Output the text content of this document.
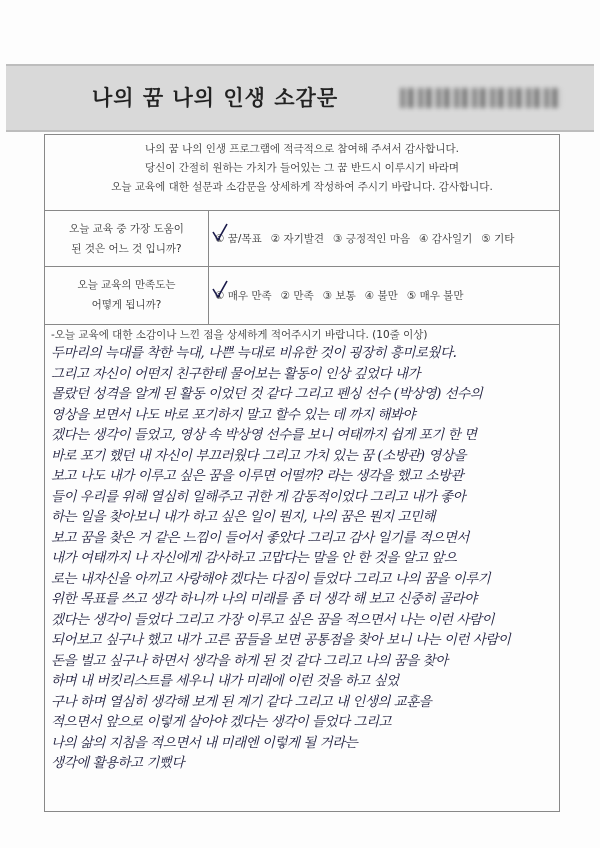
나의 꿈 나의 인생 소감문
나의 꿈 나의 인생 프로그램에 적극적으로 참여해 주셔서 감사합니다.
당신이 간절히 원하는 가치가 들어있는 그 꿈 반드시 이루시기 바라며
오늘 교육에 대한 설문과 소감문을 상세하게 작성하여 주시기 바랍니다. 감사합니다.
오늘 교육 중 가장 도움이
된 것은 어느 것 입니까?
① 꿈/목표 ② 자기발견 ③ 긍정적인 마음 ④ 감사일기 ⑤ 기타
오늘 교육의 만족도는
어떻게 됩니까?
① 매우 만족 ② 만족 ③ 보통 ④ 불만 ⑤ 매우 불만
-오늘 교육에 대한 소감이나 느낀 점을 상세하게 적어주시기 바랍니다. (10줄 이상)
두마리의 늑대를 착한 늑대, 나쁜 늑대로 비유한 것이 굉장히 흥미로웠다.
그리고 자신이 어떤지 친구한테 물어보는 활동이 인상 깊었다 내가
몰랐던 성격을 알게 된 활동 이었던 것 같다 그리고 펜싱 선수 (박상영) 선수의
영상을 보면서 나도 바로 포기하지 말고 할수 있는 데 까지 해봐야
겠다는 생각이 들었고, 영상 속 박상영 선수를 보니 여태까지 쉽게 포기 한 면
바로 포기 했던 내 자신이 부끄러웠다 그리고 가치 있는 꿈 (소방관) 영상을
보고 나도 내가 이루고 싶은 꿈을 이루면 어떨까? 라는 생각을 했고 소방관
들이 우리를 위해 열심히 일해주고 귀한 게 감동적이었다 그리고 내가 좋아
하는 일을 찾아보니 내가 하고 싶은 일이 뭔지, 나의 꿈은 뭔지 고민해
보고 꿈을 찾은 거 같은 느낌이 들어서 좋았다 그리고 감사 일기를 적으면서
내가 여태까지 나 자신에게 감사하고 고맙다는 말을 안 한 것을 알고 앞으
로는 내자신을 아끼고 사랑해야 겠다는 다짐이 들었다 그리고 나의 꿈을 이루기
위한 목표를 쓰고 생각 하니까 나의 미래를 좀 더 생각 해 보고 신중히 골라야
겠다는 생각이 들었다 그리고 가장 이루고 싶은 꿈을 적으면서 나는 이런 사람이
되어보고 싶구나 했고 내가 고른 꿈들을 보면 공통점을 찾아 보니 나는 이런 사람이
돈을 벌고 싶구나 하면서 생각을 하게 된 것 같다 그리고 나의 꿈을 찾아
하며 내 버킷리스트를 세우니 내가 미래에 이런 것을 하고 싶었
구나 하며 열심히 생각해 보게 된 계기 같다 그리고 내 인생의 교훈을
적으면서 앞으로 이렇게 살아야 겠다는 생각이 들었다 그리고
나의 삶의 지침을 적으면서 내 미래엔 이렇게 될 거라는
생각에 활용하고 기뻤다
